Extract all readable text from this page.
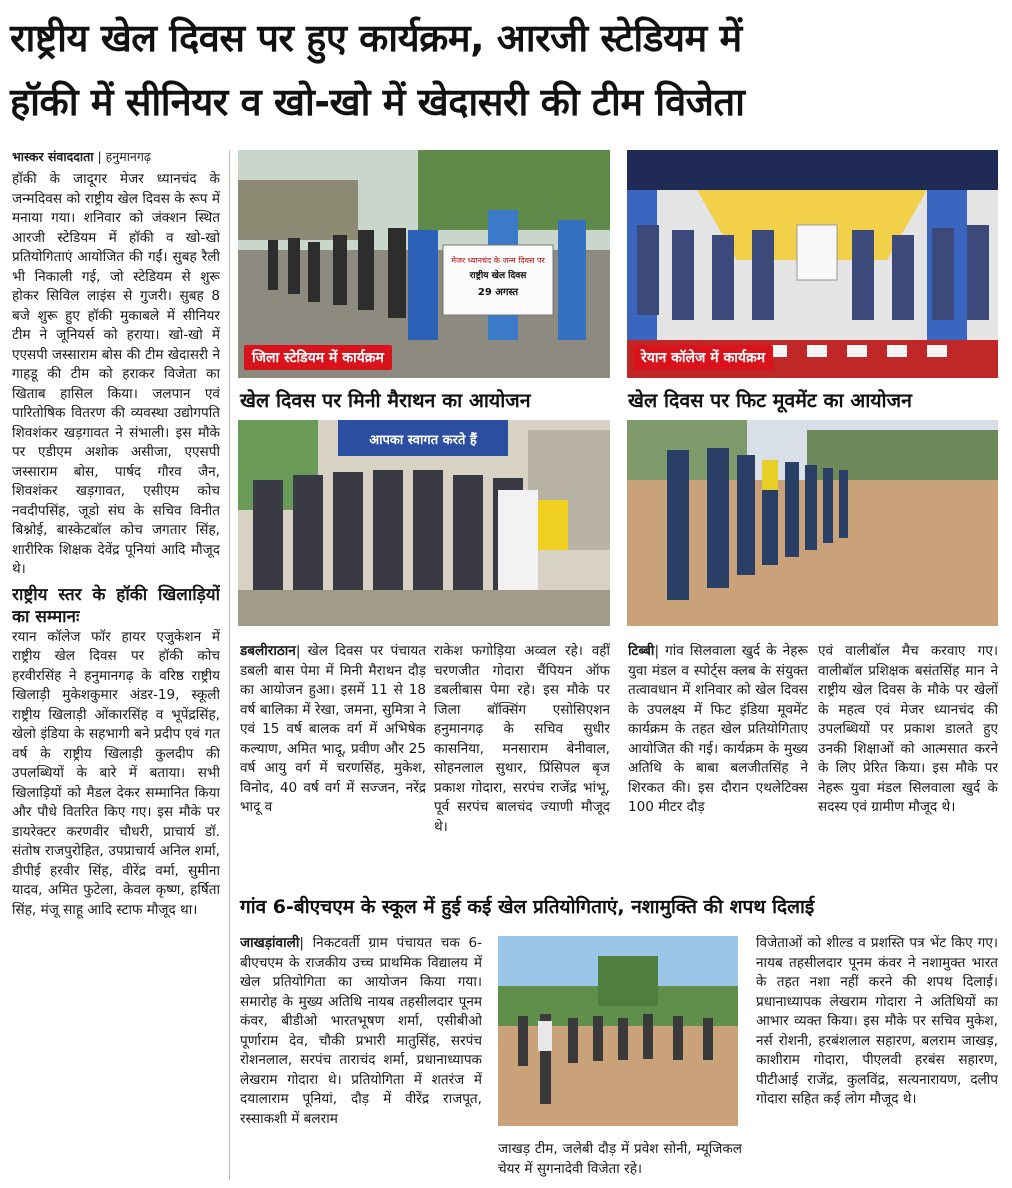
राष्ट्रीय खेल दिवस पर हुए कार्यक्रम, आरजी स्टेडियम में
हॉकी में सीनियर व खो-खो में खेदासरी की टीम विजेता
भास्कर संवाददाता | हनुमानगढ़

हॉकी के जादूगर मेजर ध्यानचंद के जन्मदिवस को राष्ट्रीय खेल दिवस के रूप में मनाया गया। शनिवार को जंक्शन स्थित आरजी स्टेडियम में हॉकी व खो-खो प्रतियोगिताएं आयोजित की गईं। सुबह रैली भी निकाली गई, जो स्टेडियम से शुरू होकर सिविल लाइंस से गुजरी। सुबह 8 बजे शुरू हुए हॉकी मुकाबले में सीनियर टीम ने जूनियर्स को हराया। खो-खो में एएसपी जस्साराम बोस की टीम खेदासरी ने गाहडू की टीम को हराकर विजेता का खिताब हासिल किया। जलपान एवं पारितोषिक वितरण की व्यवस्था उद्योगपति शिवशंकर खड़गावत ने संभाली। इस मौके पर एडीएम अशोक असीजा, एएसपी जस्साराम बोस, पार्षद गौरव जैन, शिवशंकर खड़गावत, एसीएम कोच नवदीपसिंह, जूडो संघ के सचिव विनीत बिश्नोई, बास्केटबॉल कोच जगतार सिंह, शारीरिक शिक्षक देवेंद्र पूनियां आदि मौजूद थे।

राष्ट्रीय स्तर के हॉकी खिलाड़ियों का सम्मानः

रयान कॉलेज फॉर हायर एजुकेशन में राष्ट्रीय खेल दिवस पर हॉकी कोच हरवीरसिंह ने हनुमानगढ़ के वरिष्ठ राष्ट्रीय खिलाड़ी मुकेशकुमार अंडर-19, स्कूली राष्ट्रीय खिलाड़ी ओंकारसिंह व भूपेंद्रसिंह, खेलो इंडिया के सहभागी बने प्रदीप एवं गत वर्ष के राष्ट्रीय खिलाड़ी कुलदीप की उपलब्धियों के बारे में बताया। सभी खिलाड़ियों को मैडल देकर सम्मानित किया और पौधे वितरित किए गए। इस मौके पर डायरेक्टर करणवीर चौधरी, प्राचार्य डॉ. संतोष राजपुरोहित, उपप्राचार्य अनिल शर्मा, डीपीई हरवीर सिंह, वीरेंद्र वर्मा, सुमीना यादव, अमित फुटेला, केवल कृष्ण, हर्षिता सिंह, मंजू साहू आदि स्टाफ मौजूद था।

मेजर ध्यानचंद के जन्म दिवस पर
राष्ट्रीय खेल दिवस
29 अगस्त
जिला स्टेडियम में कार्यक्रम	रेयान कॉलेज में कार्यक्रम
खेल दिवस पर मिनी मैराथन का आयोजन	खेल दिवस पर फिट मूवमेंट का आयोजन
आपका स्वागत करते हैं

डबलीराठान| खेल दिवस पर पंचायत डबली बास पेमा में मिनी मैराथन दौड़ का आयोजन हुआ। इसमें 11 से 18 वर्ष बालिका में रेखा, जमना, सुमित्रा ने एवं 15 वर्ष बालक वर्ग में अभिषेक कल्याण, अमित भादू, प्रवीण और 25 वर्ष आयु वर्ग में चरणसिंह, मुकेश, विनोद, 40 वर्ष वर्ग में सज्जन, नरेंद्र भादू व

राकेश फगोड़िया अव्वल रहे। वहीं चरणजीत गोदारा चैंपियन ऑफ डबलीबास पेमा रहे। इस मौके पर जिला बॉक्सिंग एसोसिएशन हनुमानगढ़ के सचिव सुधीर कासनिया, मनसाराम बेनीवाल, सोहनलाल सुथार, प्रिंसिपल बृज प्रकाश गोदारा, सरपंच राजेंद्र भांभू, पूर्व सरपंच बालचंद ज्याणी मौजूद थे।

टिब्बी| गांव सिलवाला खुर्द के नेहरू युवा मंडल व स्पोर्ट्स क्लब के संयुक्त तत्वावधान में शनिवार को खेल दिवस के उपलक्ष्य में फिट इंडिया मूवमेंट कार्यक्रम के तहत खेल प्रतियोगिताए आयोजित की गई। कार्यक्रम के मुख्य अतिथि के बाबा बलजीतसिंह ने शिरकत की। इस दौरान एथलेटिक्स 100 मीटर दौड़

एवं वालीबॉल मैच करवाए गए। वालीबॉल प्रशिक्षक बसंतसिंह मान ने राष्ट्रीय खेल दिवस के मौके पर खेलों के महत्व एवं मेजर ध्यानचंद की उपलब्धियों पर प्रकाश डालते हुए उनकी शिक्षाओं को आत्मसात करने के लिए प्रेरित किया। इस मौके पर नेहरू युवा मंडल सिलवाला खुर्द के सदस्य एवं ग्रामीण मौजूद थे।

गांव 6-बीएचएम के स्कूल में हुई कई खेल प्रतियोगिताएं, नशामुक्ति की शपथ दिलाई

जाखड़ांवाली| निकटवर्ती ग्राम पंचायत चक 6-बीएचएम के राजकीय उच्च प्राथमिक विद्यालय में खेल प्रतियोगिता का आयोजन किया गया। समारोह के मुख्य अतिथि नायब तहसीलदार पूनम कंवर, बीडीओ भारतभूषण शर्मा, एसीबीओ पूर्णाराम देव, चौकी प्रभारी मातुसिंह, सरपंच रोशनलाल, सरपंच ताराचंद शर्मा, प्रधानाध्यापक लेखराम गोदारा थे। प्रतियोगिता में शतरंज में दयालाराम पूनियां, दौड़ में वीरेंद्र राजपूत, रस्साकशी में बलराम

जाखड़ टीम, जलेबी दौड़ में प्रवेश सोनी, म्यूजिकल चेयर में सुगनादेवी विजेता रहे।

विजेताओं को शील्ड व प्रशस्ति पत्र भेंट किए गए। नायब तहसीलदार पूनम कंवर ने नशामुक्त भारत के तहत नशा नहीं करने की शपथ दिलाई। प्रधानाध्यापक लेखराम गोदारा ने अतिथियों का आभार व्यक्त किया। इस मौके पर सचिव मुकेश, नर्स रोशनी, हरबंशलाल सहारण, बलराम जाखड़, काशीराम गोदारा, पीएलवी हरबंस सहारण, पीटीआई राजेंद्र, कुलविंद्र, सत्यनारायण, दलीप गोदारा सहित कई लोग मौजूद थे।
